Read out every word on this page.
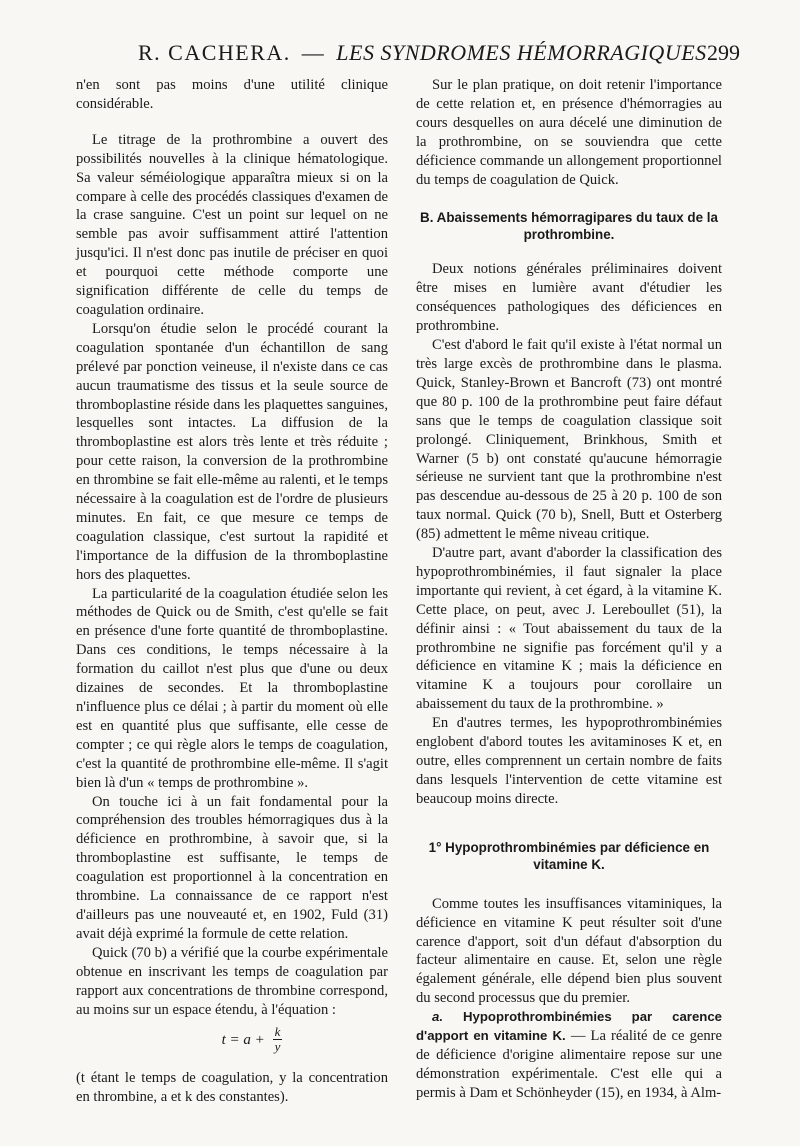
R. CACHERA. — LES SYNDROMES HÉMORRAGIQUES 299

n'en sont pas moins d'une utilité clinique considérable.

Le titrage de la prothrombine a ouvert des possibilités nouvelles à la clinique hématologique. Sa valeur séméiologique apparaîtra mieux si on la compare à celle des procédés classiques d'examen de la crase sanguine. C'est un point sur lequel on ne semble pas avoir suffisamment attiré l'attention jusqu'ici. Il n'est donc pas inutile de préciser en quoi et pourquoi cette méthode comporte une signification différente de celle du temps de coagulation ordinaire.

Lorsqu'on étudie selon le procédé courant la coagulation spontanée d'un échantillon de sang prélevé par ponction veineuse, il n'existe dans ce cas aucun traumatisme des tissus et la seule source de thromboplastine réside dans les plaquettes sanguines, lesquelles sont intactes. La diffusion de la thromboplastine est alors très lente et très réduite ; pour cette raison, la conversion de la prothrombine en thrombine se fait elle-même au ralenti, et le temps nécessaire à la coagulation est de l'ordre de plusieurs minutes. En fait, ce que mesure ce temps de coagulation classique, c'est surtout la rapidité et l'importance de la diffusion de la thromboplastine hors des plaquettes.

La particularité de la coagulation étudiée selon les méthodes de Quick ou de Smith, c'est qu'elle se fait en présence d'une forte quantité de thromboplastine. Dans ces conditions, le temps nécessaire à la formation du caillot n'est plus que d'une ou deux dizaines de secondes. Et la thromboplastine n'influence plus ce délai ; à partir du moment où elle est en quantité plus que suffisante, elle cesse de compter ; ce qui règle alors le temps de coagulation, c'est la quantité de prothrombine elle-même. Il s'agit bien là d'un « temps de prothrombine ».

On touche ici à un fait fondamental pour la compréhension des troubles hémorragiques dus à la déficience en prothrombine, à savoir que, si la thromboplastine est suffisante, le temps de coagulation est proportionnel à la concentration en thrombine. La connaissance de ce rapport n'est d'ailleurs pas une nouveauté et, en 1902, Fuld (31) avait déjà exprimé la formule de cette relation.

Quick (70 b) a vérifié que la courbe expérimentale obtenue en inscrivant les temps de coagulation par rapport aux concentrations de thrombine correspond, au moins sur un espace étendu, à l'équation :

$t = a + \frac{k}{y}$

(t étant le temps de coagulation, y la concentration en thrombine, a et k des constantes).

Sur le plan pratique, on doit retenir l'importance de cette relation et, en présence d'hémorragies au cours desquelles on aura décelé une diminution de la prothrombine, on se souviendra que cette déficience commande un allongement proportionnel du temps de coagulation de Quick.

B. Abaissements hémorragipares du taux de la prothrombine.

Deux notions générales préliminaires doivent être mises en lumière avant d'étudier les conséquences pathologiques des déficiences en prothrombine.

C'est d'abord le fait qu'il existe à l'état normal un très large excès de prothrombine dans le plasma. Quick, Stanley-Brown et Bancroft (73) ont montré que 80 p. 100 de la prothrombine peut faire défaut sans que le temps de coagulation classique soit prolongé. Cliniquement, Brinkhous, Smith et Warner (5 b) ont constaté qu'aucune hémorragie sérieuse ne survient tant que la prothrombine n'est pas descendue au-dessous de 25 à 20 p. 100 de son taux normal. Quick (70 b), Snell, Butt et Osterberg (85) admettent le même niveau critique.

D'autre part, avant d'aborder la classification des hypoprothrombinémies, il faut signaler la place importante qui revient, à cet égard, à la vitamine K. Cette place, on peut, avec J. Lereboullet (51), la définir ainsi : « Tout abaissement du taux de la prothrombine ne signifie pas forcément qu'il y a déficience en vitamine K ; mais la déficience en vitamine K a toujours pour corollaire un abaissement du taux de la prothrombine. »

En d'autres termes, les hypoprothrombinémies englobent d'abord toutes les avitaminoses K et, en outre, elles comprennent un certain nombre de faits dans lesquels l'intervention de cette vitamine est beaucoup moins directe.

1° Hypoprothrombinémies par déficience en vitamine K.

Comme toutes les insuffisances vitaminiques, la déficience en vitamine K peut résulter soit d'une carence d'apport, soit d'un défaut d'absorption du facteur alimentaire en cause. Et, selon une règle également générale, elle dépend bien plus souvent du second processus que du premier.

a. Hypoprothrombinémies par carence d'apport en vitamine K. — La réalité de ce genre de déficience d'origine alimentaire repose sur une démonstration expérimentale. C'est elle qui a permis à Dam et Schönheyder (15), en 1934, à Alm-
